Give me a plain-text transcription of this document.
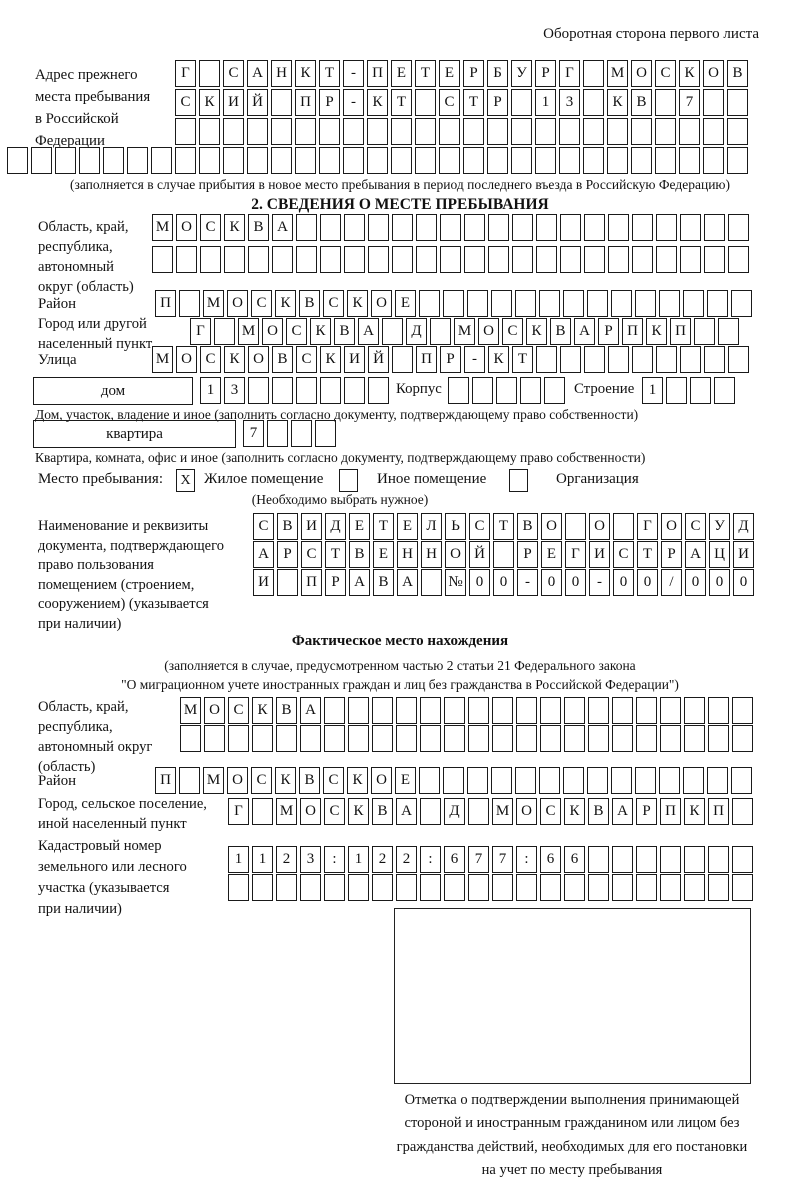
Оборотная сторона первого листа
Адрес прежнего
места пребывания
в Российской
Федерации
Г	С А Н К Т	-	П Е Т Е	Р	Б У Р	Г	М О С К О В
С К И Й	П Р	-	К Т	С Т	Р	1	3	К В	7
(заполняется в случае прибытия в новое место пребывания в период последнего въезда в Российскую Федерацию)
2. СВЕДЕНИЯ О МЕСТЕ ПРЕБЫВАНИЯ
Область, край,
республика,
автономный
округ (область)
М О С К В А
Район	П	М О С К В С К О Е
Город или другой
населенный пункт
Г	М О С К В А	Д	М О С К В А Р П К П
Улица	М О С К О В С К И Й	П Р	-	К Т
дом	1	3	Корпус	Строение 1
Дом, участок, владение и иное (заполнить согласно документу, подтверждающему право собственности)
квартира	7
Квартира, комната, офис и иное (заполнить согласно документу, подтверждающему право собственности)
Место пребывания:	X Жилое помещение	Иное помещение	Организация
(Необходимо выбрать нужное)
Наименование и реквизиты
документа, подтверждающего
право пользования
помещением (строением,
сооружением) (указывается
при наличии)
С В И Д Е Т Е Л Ь С Т В О	О	Г О С У Д
А Р С Т В Е Н Н О Й	Р	Е	Г И С Т	Р А Ц И
И	П Р А В А	№ 0	0	-	0	0	-	0	0	/	0	0	0
Фактическое место нахождения
(заполняется в случае, предусмотренном частью 2 статьи 21 Федерального закона
"О миграционном учете иностранных граждан и лиц без гражданства в Российской Федерации")
Область, край,
республика,
автономный округ
(область)
М О С К В А
Район	П	М О С К В С К О Е
Город, сельское поселение,
иной населенный пункт
Г	М О С К В А	Д	М О С К В А Р П К П
Кадастровый номер
земельного или лесного
участка (указывается
при наличии)
1	1	2	3	:	1	2	2	:	6	7	7	:	6	6
Отметка о подтверждении выполнения принимающей
стороной и иностранным гражданином или лицом без
гражданства действий, необходимых для его постановки
на учет по месту пребывания
